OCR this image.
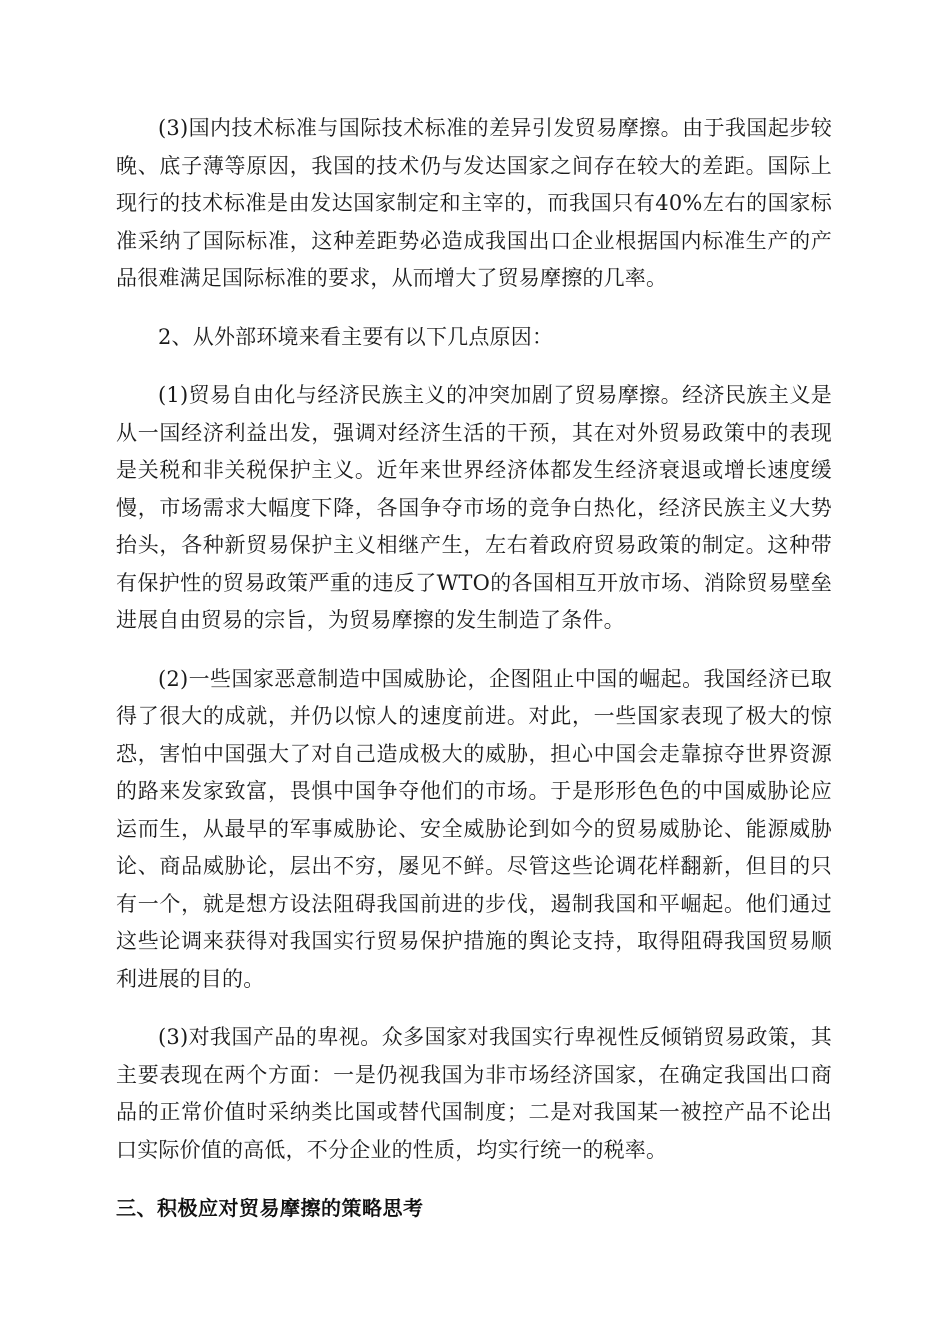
(3)国内技术标准与国际技术标准的差异引发贸易摩擦。由于我国起步较晚、底子薄等原因，我国的技术仍与发达国家之间存在较大的差距。国际上现行的技术标准是由发达国家制定和主宰的，而我国只有40%左右的国家标准采纳了国际标准，这种差距势必造成我国出口企业根据国内标准生产的产品很难满足国际标准的要求，从而增大了贸易摩擦的几率。

2、从外部环境来看主要有以下几点原因：

(1)贸易自由化与经济民族主义的冲突加剧了贸易摩擦。经济民族主义是从一国经济利益出发，强调对经济生活的干预，其在对外贸易政策中的表现是关税和非关税保护主义。近年来世界经济体都发生经济衰退或增长速度缓慢，市场需求大幅度下降，各国争夺市场的竞争白热化，经济民族主义大势抬头，各种新贸易保护主义相继产生，左右着政府贸易政策的制定。这种带有保护性的贸易政策严重的违反了WTO的各国相互开放市场、消除贸易壁垒进展自由贸易的宗旨，为贸易摩擦的发生制造了条件。

(2)一些国家恶意制造中国威胁论，企图阻止中国的崛起。我国经济已取得了很大的成就，并仍以惊人的速度前进。对此，一些国家表现了极大的惊恐，害怕中国强大了对自己造成极大的威胁，担心中国会走靠掠夺世界资源的路来发家致富，畏惧中国争夺他们的市场。于是形形色色的中国威胁论应运而生，从最早的军事威胁论、安全威胁论到如今的贸易威胁论、能源威胁论、商品威胁论，层出不穷，屡见不鲜。尽管这些论调花样翻新，但目的只有一个，就是想方设法阻碍我国前进的步伐，遏制我国和平崛起。他们通过这些论调来获得对我国实行贸易保护措施的舆论支持，取得阻碍我国贸易顺利进展的目的。

(3)对我国产品的卑视。众多国家对我国实行卑视性反倾销贸易政策，其主要表现在两个方面：一是仍视我国为非市场经济国家，在确定我国出口商品的正常价值时采纳类比国或替代国制度；二是对我国某一被控产品不论出口实际价值的高低，不分企业的性质，均实行统一的税率。

三、积极应对贸易摩擦的策略思考
